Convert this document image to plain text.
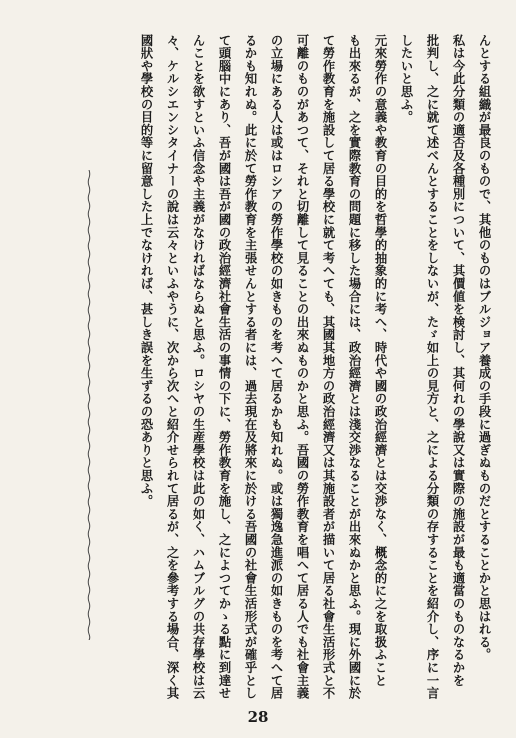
んとする組織が最良のもので、其他のものはブルジョア養成の手段に過ぎぬものだとすることかと思はれる。
私は今此分類の適否及各種別について、其價値を検討し、其何れの學說又は實際の施設が最も適當のものなるかを
批判し、之に就て述べんとすることをしないが、たゞ如上の見方と、之による分類の存することを紹介し、序に一言
したいと思ふ。
元來勞作の意義や教育の目的を哲學的抽象的に考へ、時代や國の政治經濟とは交渉なく、概念的に之を取扱ふこと
も出來るが、之を實際教育の問題に移した場合には、政治經濟とは淺交渉なることが出來ぬかと思ふ。現に外國に於
て勞作教育を施設して居る學校に就て考へても、其國其地方の政治經濟又は其施設者が描いて居る社會生活形式と不
可離のものがあつて、それと切離して見ることの出來ぬものかと思ふ。吾國の勞作教育を唱へて居る人でも社會主義
の立場にある人は或はロシアの勞作學校の如きものを考へて居るかも知れぬ。或は獨逸急進派の如きものを考へて居
るかも知れぬ。此に於て勞作教育を主張せんとする者には、過去現在及將來に於ける吾國の社會生活形式が確乎とし
て頭腦中にあり、吾が國は吾が國の政治經濟社會生活の事情の下に、勞作教育を施し、之によつてかゝる點に到達せ
んことを欲すといふ信念や主義がなければならぬと思ふ。ロシヤの生産學校は此の如く、ハムブルグの共存學校は云
々、ケルシエンシタイナーの說は云々といふやうに、次から次へと紹介せられて居るが、之を參考する場合、深く其
國狀や學校の目的等に留意した上でなければ、甚しき誤を生ずるの恐ありと思ふ。
28
